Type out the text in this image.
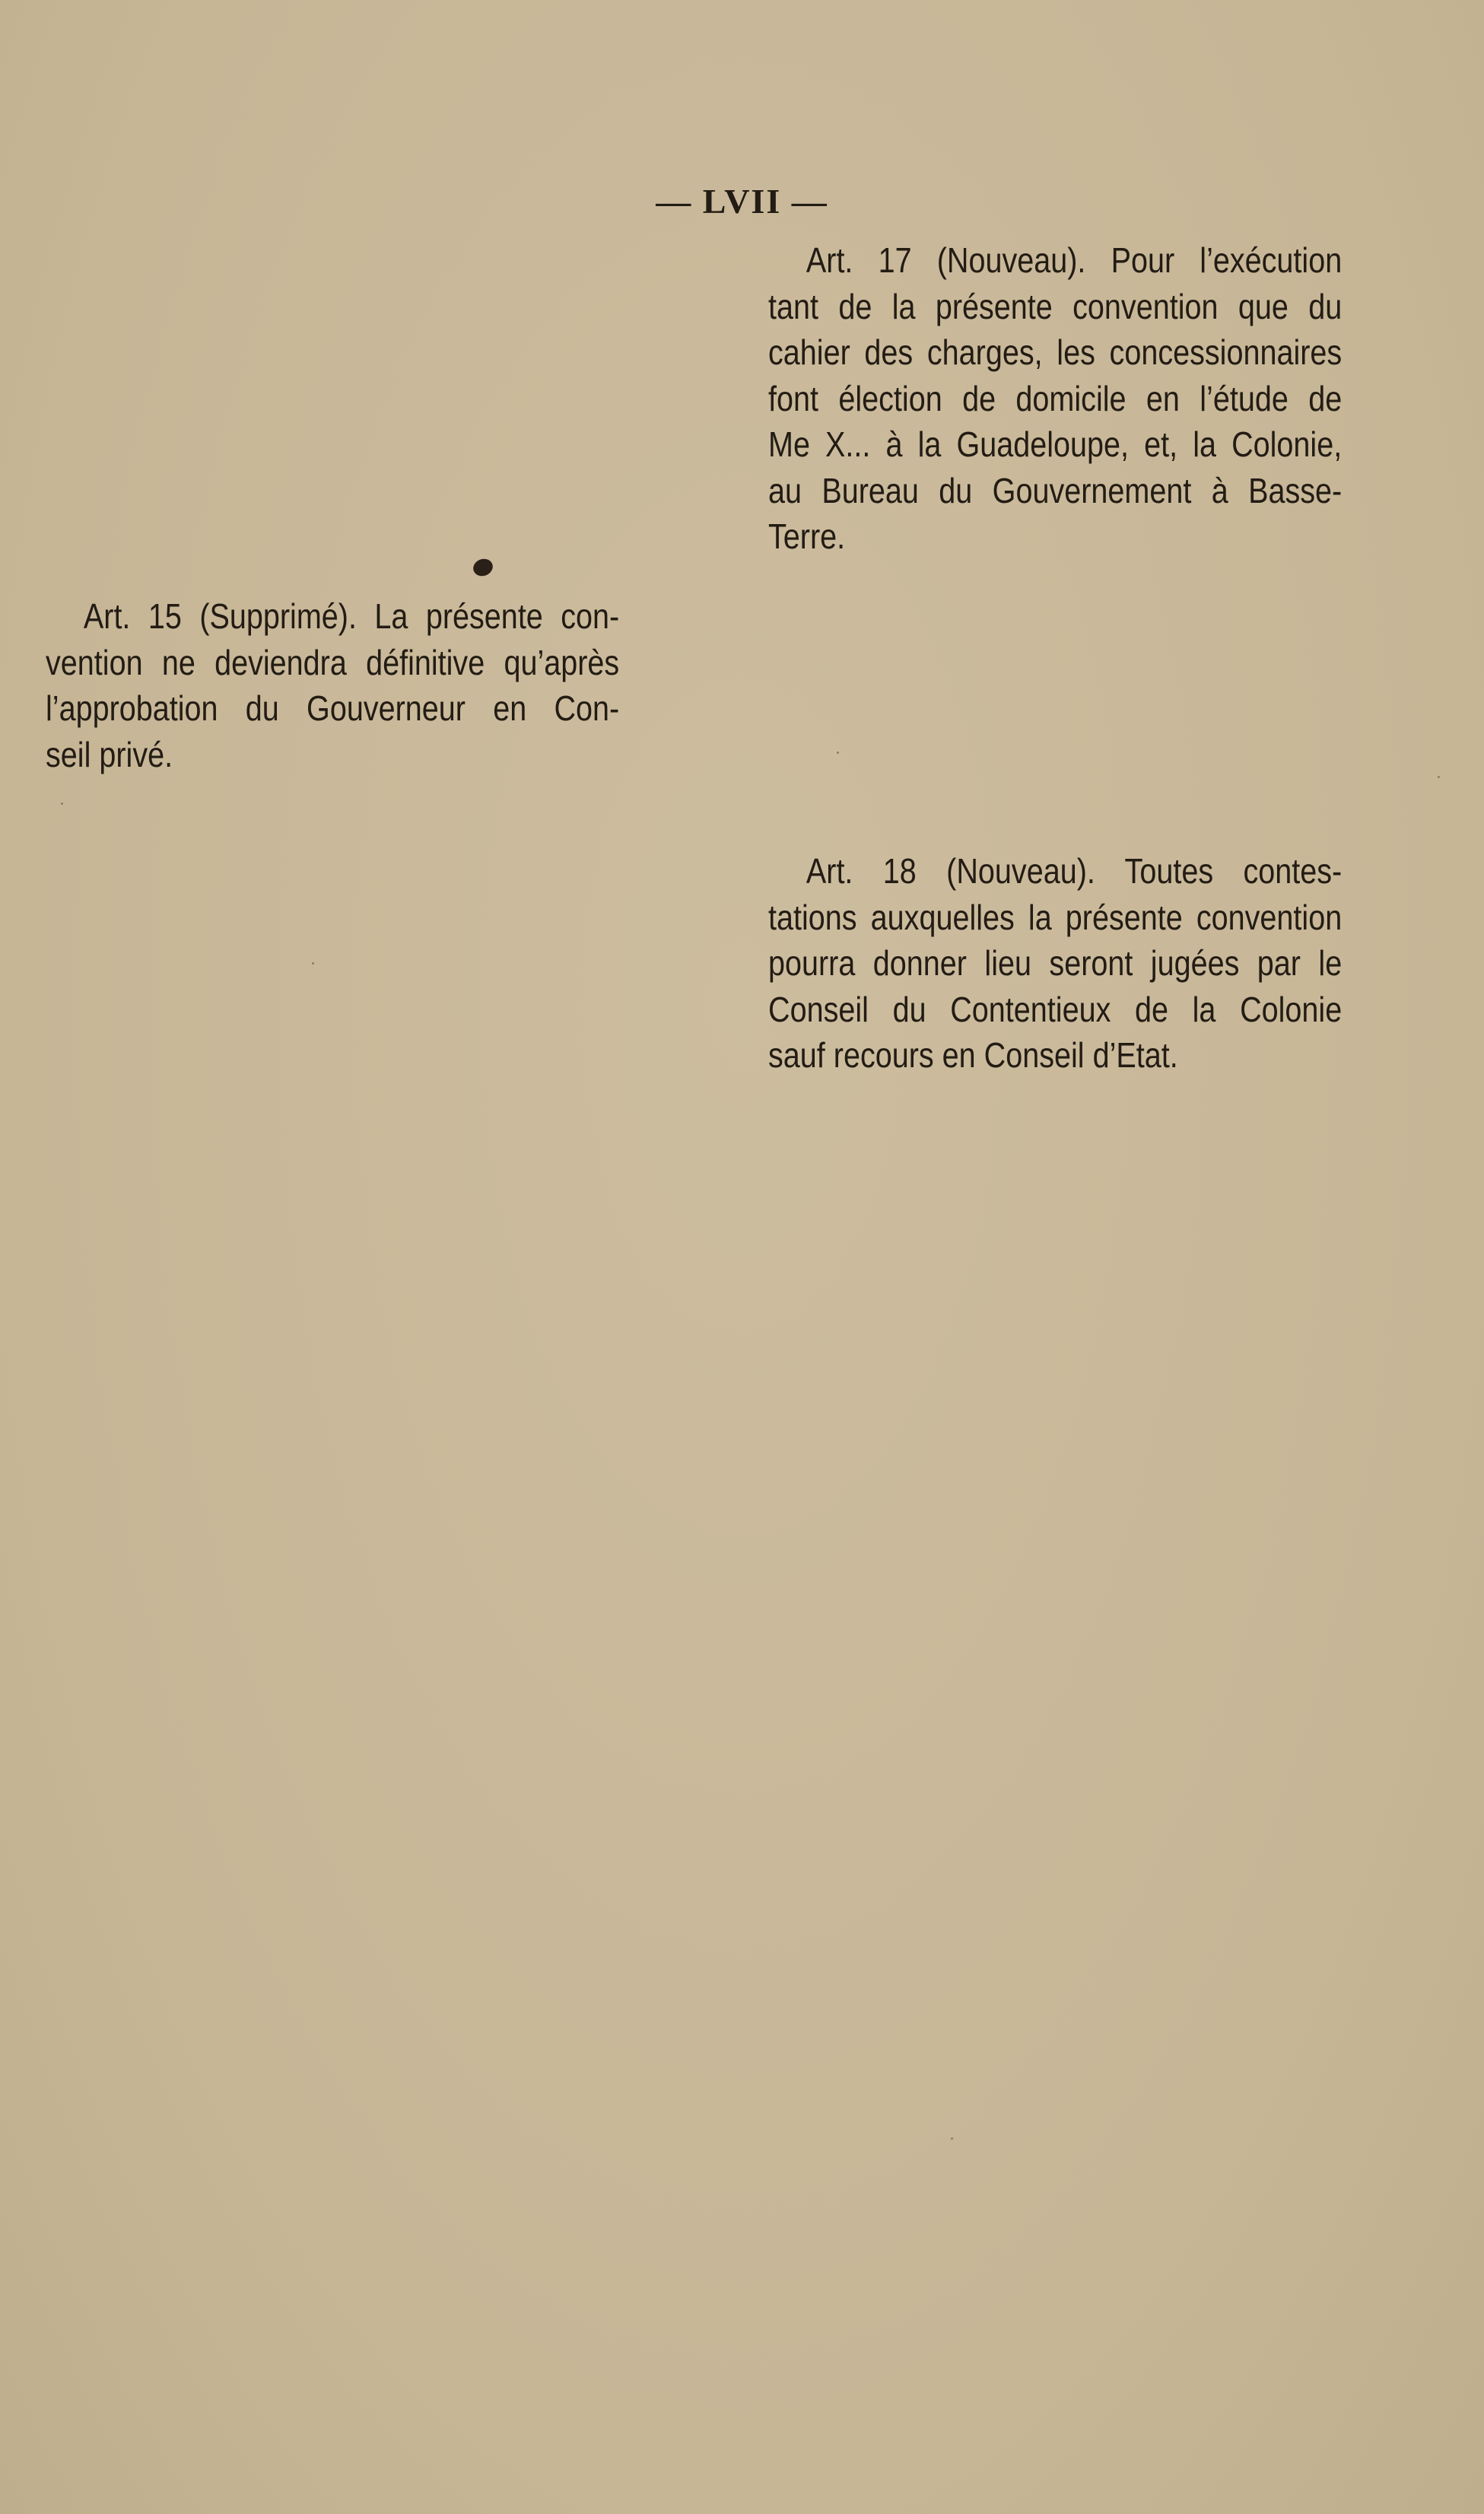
— LVII —
Art. 17 (Nouveau). Pour l’exécution
tant de la présente convention que du
cahier des charges, les concessionnaires
font élection de domicile en l’étude de
Me X... à la Guadeloupe, et, la Colonie,
au Bureau du Gouvernement à Basse-
Terre.
Art. 15 (Supprimé). La présente con-
vention ne deviendra définitive qu’après
l’approbation du Gouverneur en Con-
seil privé.
Art. 18 (Nouveau). Toutes contes-
tations auxquelles la présente convention
pourra donner lieu seront jugées par le
Conseil du Contentieux de la Colonie
sauf recours en Conseil d’Etat.
